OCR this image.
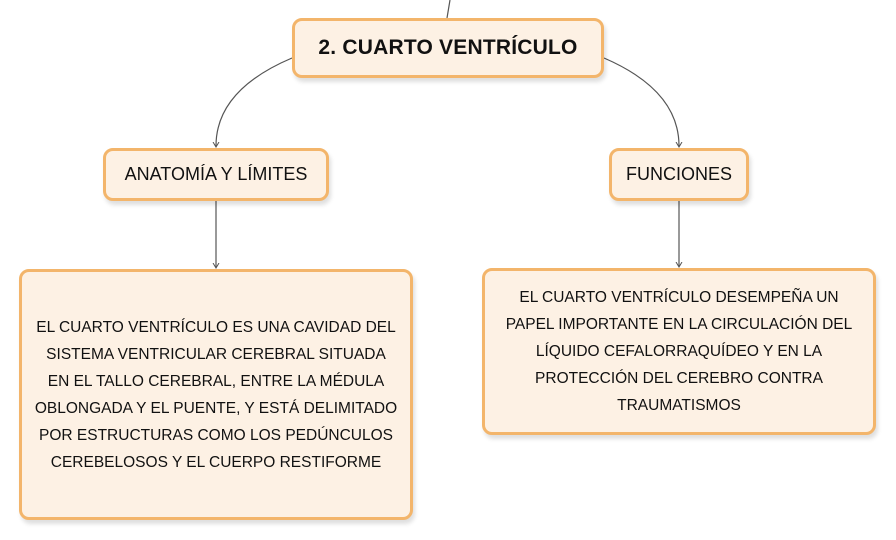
2. CUARTO VENTRÍCULO
ANATOMÍA Y LÍMITES	FUNCIONES
EL CUARTO VENTRÍCULO ES UNA CAVIDAD DEL SISTEMA VENTRICULAR CEREBRAL SITUADA EN EL TALLO CEREBRAL, ENTRE LA MÉDULA OBLONGADA Y EL PUENTE, Y ESTÁ DELIMITADO POR ESTRUCTURAS COMO LOS PEDÚNCULOS CEREBELOSOS Y EL CUERPO RESTIFORME
EL CUARTO VENTRÍCULO DESEMPEÑA UN PAPEL IMPORTANTE EN LA CIRCULACIÓN DEL LÍQUIDO CEFALORRAQUÍDEO Y EN LA PROTECCIÓN DEL CEREBRO CONTRA TRAUMATISMOS
